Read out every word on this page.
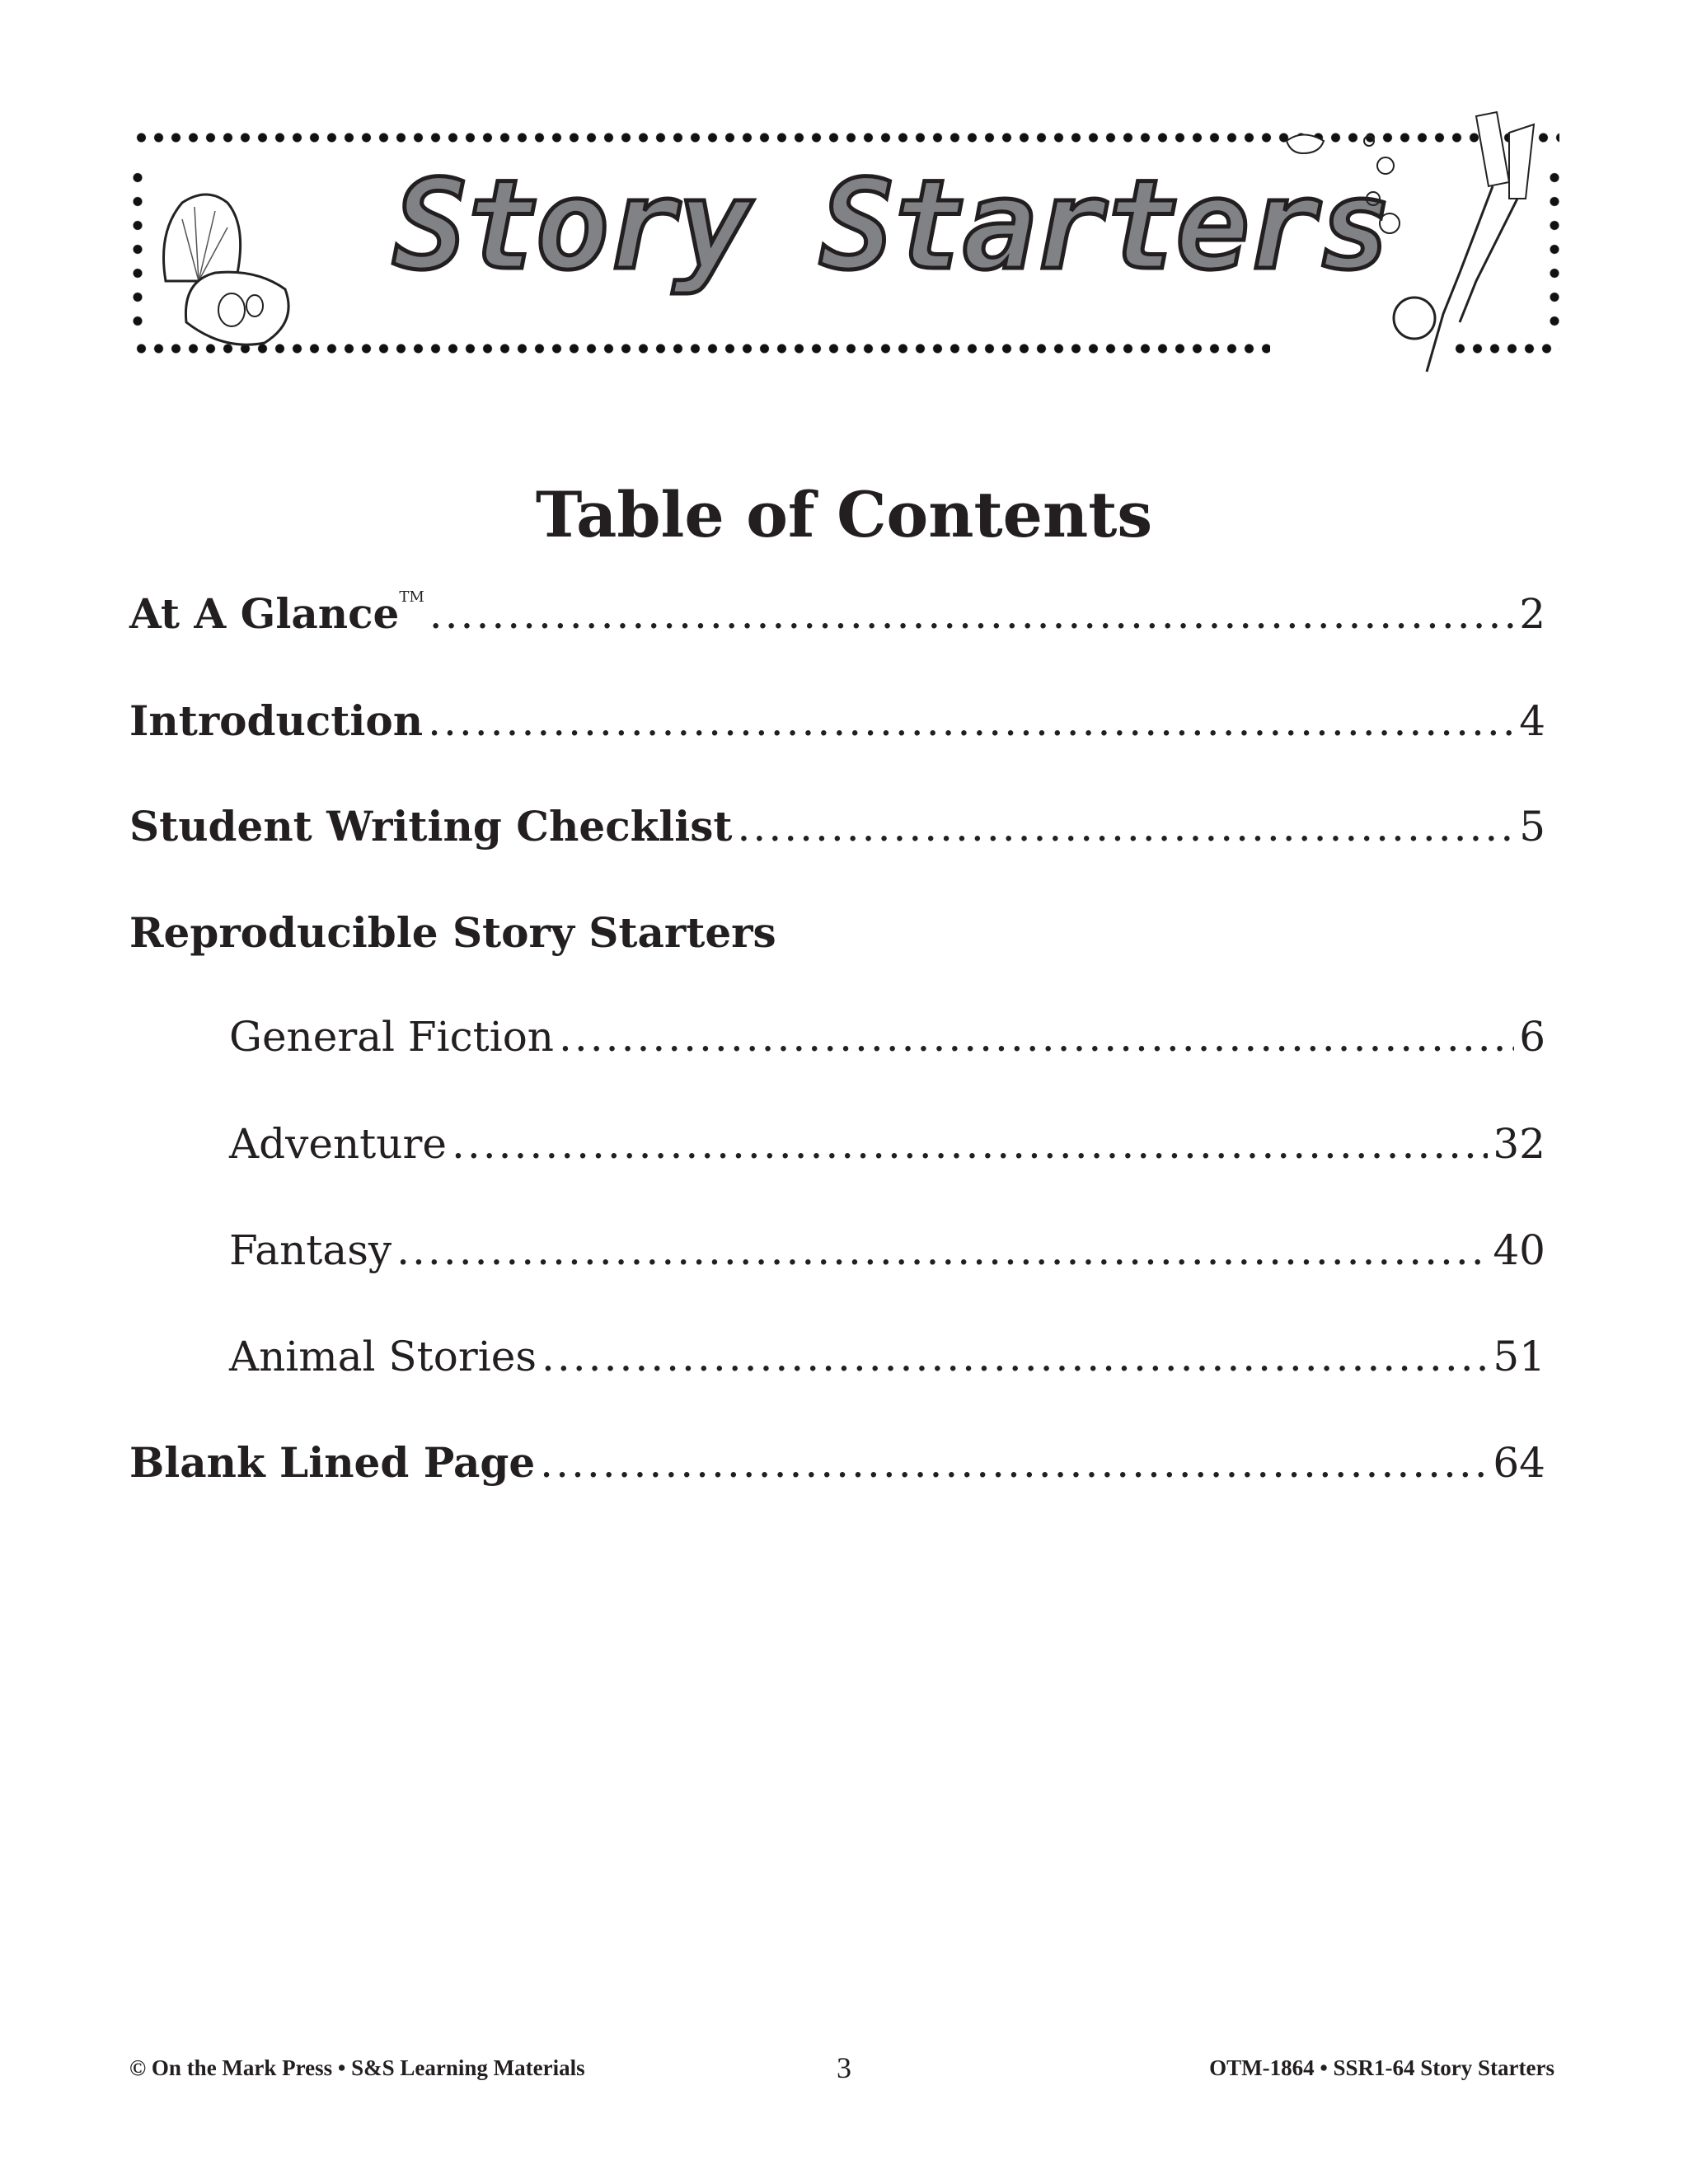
Story Starters
Table of Contents
At A Glance™ .....	2
Introduction .....	4
Student Writing Checklist .....	5
Reproducible Story Starters
General Fiction .....	6
Adventure .....	32
Fantasy .....	40
Animal Stories .....	51
Blank Lined Page .....	64
© On the Mark Press • S&S Learning Materials	3	OTM-1864 • SSR1-64 Story Starters
